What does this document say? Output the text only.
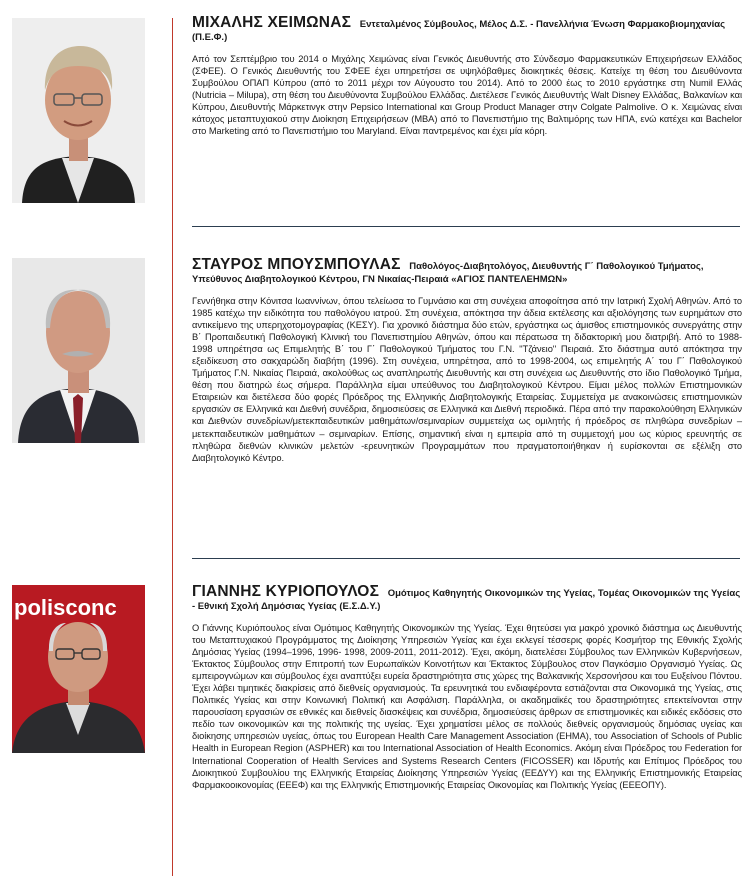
ΜΙΧΑΛΗΣ ΧΕΙΜΩΝΑΣ Εντεταλμένος Σύμβουλος, Μέλος Δ.Σ. - Πανελλήνια Ένωση Φαρμακοβιομηχανίας (Π.Ε.Φ.)
Από τον Σεπτέμβριο του 2014 ο Μιχάλης Χειμώνας είναι Γενικός Διευθυντής στο Σύνδεσμο Φαρμακευτικών Επιχειρήσεων Ελλάδος (ΣΦΕΕ). Ο Γενικός Διευθυντής του ΣΦΕΕ έχει υπηρετήσει σε υψηλόβαθμες διοικητικές θέσεις. Κατείχε τη θέση του Διευθύνοντα Συμβούλου ΟΠΑΠ Κύπρου (από το 2011 μέχρι τον Αύγουστο του 2014). Από το 2000 έως το 2010 εργάστηκε στη Numil Ελλάς (Nutricia – Milupa), στη θέση του Διευθύνοντα Συμβούλου Ελλάδας. Διετέλεσε Γενικός Διευθυντής Walt Disney Ελλάδας, Βαλκανίων και Κύπρου, Διευθυντής Μάρκετινγκ στην Pepsico International και Group Product Manager στην Colgate Palmolive. Ο κ. Χειμώνας είναι κάτοχος μεταπτυχιακού στην Διοίκηση Επιχειρήσεων (MBA) από το Πανεπιστήμιο της Βαλτιμόρης των ΗΠΑ, ενώ κατέχει και Bachelor στο Marketing από το Πανεπιστήμιο του Maryland. Είναι παντρεμένος και έχει μία κόρη.
ΣΤΑΥΡΟΣ ΜΠΟΥΣΜΠΟΥΛΑΣ Παθολόγος-Διαβητολόγος, Διευθυντής Γ΄ Παθολογικού Τμήματος, Υπεύθυνος Διαβητολογικού Κέντρου, ΓΝ Νικαίας-Πειραιά «ΑΓΙΟΣ ΠΑΝΤΕΛΕΗΜΩΝ»
Γεννήθηκα στην Κόνιτσα Ιωαννίνων, όπου τελείωσα το Γυμνάσιο και στη συνέχεια αποφοίτησα από την Ιατρική Σχολή Αθηνών. Από το 1985 κατέχω την ειδικότητα του παθολόγου ιατρού. Στη συνέχεια, απόκτησα την άδεια εκτέλεσης και αξιολόγησης των ευρημάτων στο αντικείμενο της υπερηχοτομογραφίας (ΚΕΣΥ). Για χρονικό διάστημα δύο ετών, εργάστηκα ως άμισθος επιστημονικός συνεργάτης στην Β΄ Προπαιδευτική Παθολογική Κλινική του Πανεπιστημίου Αθηνών, όπου και πέρατωσα τη διδακτορική μου διατριβή. Από το 1988-1998 υπηρέτησα ως Επιμελητής Β΄ του Γ΄ Παθολογικού Τμήματος του Γ.Ν. ''Τζάνειο'' Πειραιά. Στο διάστημα αυτό απόκτησα την εξειδίκευση στο σακχαρώδη διαβήτη (1996). Στη συνέχεια, υπηρέτησα, από το 1998-2004, ως επιμελητής Α΄ του Γ΄ Παθολογικού Τμήματος Γ.Ν. Νικαίας Πειραιά, ακολούθως ως αναπληρωτής Διευθυντής και στη συνέχεια ως Διευθυντής στο ίδιο Παθολογικό Τμήμα, θέση που διατηρώ έως σήμερα. Παράλληλα είμαι υπεύθυνος του Διαβητολογικού Κέντρου. Είμαι μέλος πολλών Επιστημονικών Εταιρειών και διετέλεσα δύο φορές Πρόεδρος της Ελληνικής Διαβητολογικής Εταιρείας. Συμμετείχα με ανακοινώσεις επιστημονικών εργασιών σε Ελληνικά και Διεθνή συνέδρια, δημοσιεύσεις σε Ελληνικά και Διεθνή περιοδικά. Πέρα από την παρακολούθηση Ελληνικών και Διεθνών συνεδρίων/μετεκπαιδευτικών μαθημάτων/σεμιναρίων συμμετείχα ως ομιλητής ή πρόεδρος σε πληθώρα συνεδρίων – μετεκπαιδευτικών μαθημάτων – σεμιναρίων. Επίσης, σημαντική είναι η εμπειρία από τη συμμετοχή μου ως κύριος ερευνητής σε πληθώρα διεθνών κλινικών μελετών -ερευνητικών Προγραμμάτων που πραγματοποιήθηκαν ή ευρίσκονται σε εξέλιξη στο Διαβητολογικό Κέντρο.
polisconc
ΓΙΑΝΝΗΣ ΚΥΡΙΟΠΟΥΛΟΣ Ομότιμος Καθηγητής Οικονομικών της Υγείας, Τομέας Οικονομικών της Υγείας - Εθνική Σχολή Δημόσιας Υγείας (Ε.Σ.Δ.Υ.)
Ο Γιάννης Κυριόπουλος είναι Ομότιμος Καθηγητής Οικονομικών της Υγείας. Έχει θητεύσει για μακρό χρονικό διάστημα ως Διευθυντής του Μεταπτυχιακού Προγράμματος της Διοίκησης Υπηρεσιών Υγείας και έχει εκλεγεί τέσσερις φορές Κοσμήτορ της Εθνικής Σχολής Δημόσιας Υγείας (1994–1996, 1996- 1998, 2009-2011, 2011-2012). Έχει, ακόμη, διατελέσει Σύμβουλος των Ελληνικών Κυβερνήσεων, Έκτακτος Σύμβουλος στην Επιτροπή των Ευρωπαϊκών Κοινοτήτων και Έκτακτος Σύμβουλος στον Παγκόσμιο Οργανισμό Υγείας. Ως εμπειρογνώμων και σύμβουλος έχει αναπτύξει ευρεία δραστηριότητα στις χώρες της Βαλκανικής Χερσονήσου και του Ευξείνου Πόντου. Έχει λάβει τιμητικές διακρίσεις από διεθνείς οργανισμούς. Τα ερευνητικά του ενδιαφέροντα εστιάζονται στα Οικονομικά της Υγείας, στις Πολιτικές Υγείας και στην Κοινωνική Πολιτική και Ασφάλιση. Παράλληλα, οι ακαδημαϊκές του δραστηριότητες επεκτείνονται στην παρουσίαση εργασιών σε εθνικές και διεθνείς διασκέψεις και συνέδρια, δημοσιεύσεις άρθρων σε επιστημονικές και ειδικές εκδόσεις στο πεδίο των οικονομικών και της πολιτικής της υγείας. Έχει χρηματίσει μέλος σε πολλούς διεθνείς οργανισμούς δημόσιας υγείας και διοίκησης υπηρεσιών υγείας, όπως του European Health Care Management Association (EHMA), του Association of Schools of Public Health in European Region (ASPHER) και του International Association of Health Economics. Ακόμη είναι Πρόεδρος του Federation for International Cooperation of Health Services and Systems Research Centers (FICOSSER) και Ιδρυτής και Επίτιμος Πρόεδρος του Διοικητικού Συμβουλίου της Ελληνικής Εταιρείας Διοίκησης Υπηρεσιών Υγείας (ΕΕΔΥΥ) και της Ελληνικής Επιστημονικής Εταιρείας Φαρμακοοικονομίας (ΕΕΕΦ) και της Ελληνικής Επιστημονικής Εταιρείας Οικονομίας και Πολιτικής Υγείας (ΕΕΕΟΠΥ).
